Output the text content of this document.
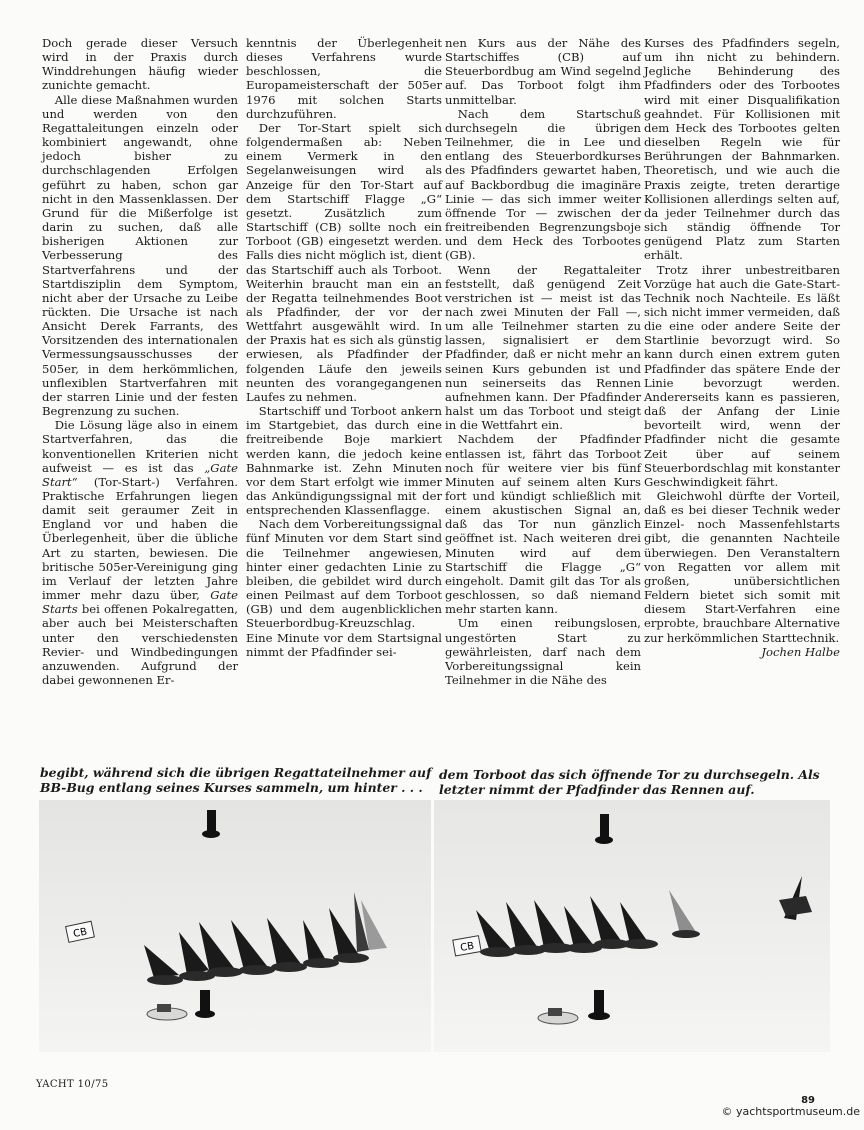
Doch gerade dieser Versuch wird in der Praxis durch Winddrehungen häufig wieder zunichte gemacht.

Alle diese Maßnahmen wurden und werden von den Regattaleitungen einzeln oder kombiniert angewandt, ohne jedoch bisher zu durchschlagenden Erfolgen geführt zu haben, schon gar nicht in den Massenklassen. Der Grund für die Mißerfolge ist darin zu suchen, daß alle bisherigen Aktionen zur Verbesserung des Startverfahrens und der Startdisziplin dem Symptom, nicht aber der Ursache zu Leibe rückten. Die Ursache ist nach Ansicht Derek Farrants, des Vorsitzenden des internationalen Vermessungsausschusses der 505er, in dem herkömmlichen, unflexiblen Startverfahren mit der starren Linie und der festen Begrenzung zu suchen.

Die Lösung läge also in einem Startverfahren, das die konventionellen Kriterien nicht aufweist — es ist das „Gate Start“ (Tor-Start-) Verfahren. Praktische Erfahrungen liegen damit seit geraumer Zeit in England vor und haben die Überlegenheit, über die übliche Art zu starten, bewiesen. Die britische 505er-Vereinigung ging im Verlauf der letzten Jahre immer mehr dazu über, Gate Starts bei offenen Pokalregatten, aber auch bei Meisterschaften unter den verschiedensten Revier- und Windbedingungen anzuwenden. Aufgrund der dabei gewonnenen Er-

kenntnis der Überlegenheit dieses Verfahrens wurde beschlossen, die Europameisterschaft der 505er 1976 mit solchen Starts durchzuführen.

Der Tor-Start spielt sich folgendermaßen ab: Neben einem Vermerk in den Segelanweisungen wird als Anzeige für den Tor-Start auf dem Startschiff Flagge „G“ gesetzt. Zusätzlich zum Startschiff (CB) sollte noch ein Torboot (GB) eingesetzt werden. Falls dies nicht möglich ist, dient das Startschiff auch als Torboot. Weiterhin braucht man ein an der Regatta teilnehmendes Boot als Pfadfinder, der vor der Wettfahrt ausgewählt wird. In der Praxis hat es sich als günstig erwiesen, als Pfadfinder der folgenden Läufe den jeweils neunten des vorangegangenen Laufes zu nehmen.

Startschiff und Torboot ankern im Startgebiet, das durch eine freitreibende Boje markiert werden kann, die jedoch keine Bahnmarke ist. Zehn Minuten vor dem Start erfolgt wie immer das Ankündigungssignal mit der entsprechenden Klassenflagge.

Nach dem Vorbereitungssignal fünf Minuten vor dem Start sind die Teilnehmer angewiesen, hinter einer gedachten Linie zu bleiben, die gebildet wird durch einen Peilmast auf dem Torboot (GB) und dem augenblicklichen Steuerbordbug-Kreuzschlag. Eine Minute vor dem Startsignal nimmt der Pfadfinder sei-

nen Kurs aus der Nähe des Startschiffes (CB) auf Steuerbordbug am Wind segelnd auf. Das Torboot folgt ihm unmittelbar.

Nach dem Startschuß durchsegeln die übrigen Teilnehmer, die in Lee und entlang des Steuerbordkurses des Pfadfinders gewartet haben, auf Backbordbug die imaginäre Linie — das sich immer weiter öffnende Tor — zwischen der freitreibenden Begrenzungsboje und dem Heck des Torbootes (GB).

Wenn der Regattaleiter feststellt, daß genügend Zeit verstrichen ist — meist ist das nach zwei Minuten der Fall —, um alle Teilnehmer starten zu lassen, signalisiert er dem Pfadfinder, daß er nicht mehr an seinen Kurs gebunden ist und nun seinerseits das Rennen aufnehmen kann. Der Pfadfinder halst um das Torboot und steigt in die Wettfahrt ein.

Nachdem der Pfadfinder entlassen ist, fährt das Torboot noch für weitere vier bis fünf Minuten auf seinem alten Kurs fort und kündigt schließlich mit einem akustischen Signal an, daß das Tor nun gänzlich geöffnet ist. Nach weiteren drei Minuten wird auf dem Startschiff die Flagge „G“ eingeholt. Damit gilt das Tor als geschlossen, so daß niemand mehr starten kann.

Um einen reibungslosen, ungestörten Start zu gewährleisten, darf nach dem Vorbereitungssignal kein Teilnehmer in die Nähe des

Kurses des Pfadfinders segeln, um ihn nicht zu behindern. Jegliche Behinderung des Pfadfinders oder des Torbootes wird mit einer Disqualifikation geahndet. Für Kollisionen mit dem Heck des Torbootes gelten dieselben Regeln wie für Berührungen der Bahnmarken. Theoretisch, und wie auch die Praxis zeigte, treten derartige Kollisionen allerdings selten auf, da jeder Teilnehmer durch das sich ständig öffnende Tor genügend Platz zum Starten erhält.

Trotz ihrer unbestreitbaren Vorzüge hat auch die Gate-Start-Technik noch Nachteile. Es läßt sich nicht immer vermeiden, daß die eine oder andere Seite der Startlinie bevorzugt wird. So kann durch einen extrem guten Pfadfinder das spätere Ende der Linie bevorzugt werden. Andererseits kann es passieren, daß der Anfang der Linie bevorteilt wird, wenn der Pfadfinder nicht die gesamte Zeit über auf seinem Steuerbordschlag mit konstanter Geschwindigkeit fährt.

Gleichwohl dürfte der Vorteil, daß es bei dieser Technik weder Einzel- noch Massenfehlstarts gibt, die genannten Nachteile überwiegen. Den Veranstaltern von Regatten vor allem mit großen, unübersichtlichen Feldern bietet sich somit mit diesem Start-Verfahren eine erprobte, brauchbare Alternative zur herkömmlichen Starttechnik.

Jochen Halbe

begibt, während sich die übrigen Regattateilnehmer auf BB-Bug entlang seines Kurses sammeln, um hinter . . .
dem Torboot das sich öffnende Tor zu durchsegeln. Als letzter nimmt der Pfadfinder das Rennen auf.
CB
CB
YACHT 10/75
89
© yachtsportmuseum.de
